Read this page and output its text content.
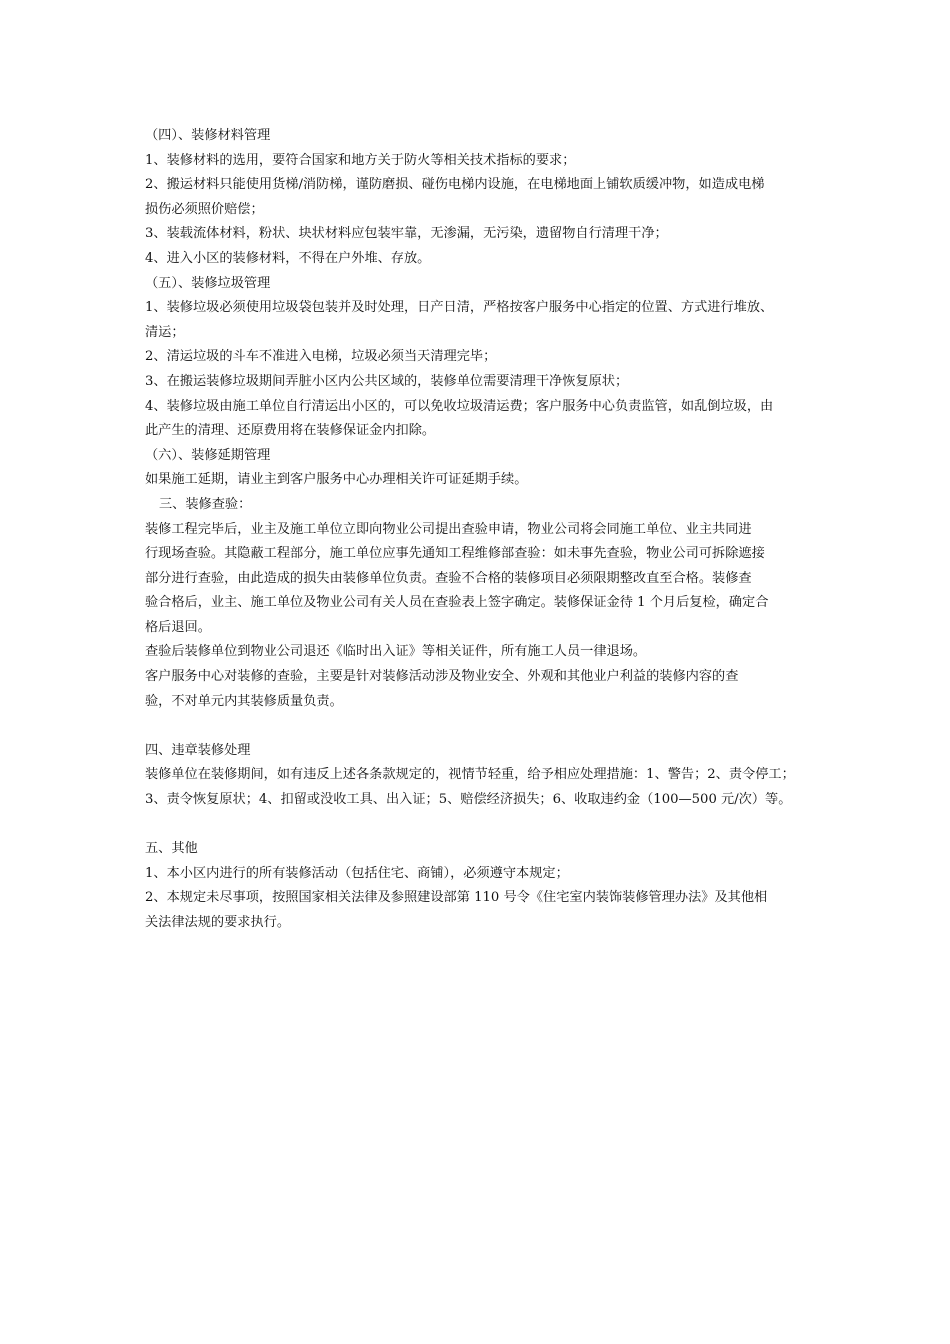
（四）、装修材料管理
1、装修材料的选用，要符合国家和地方关于防火等相关技术指标的要求；
2、搬运材料只能使用货梯/消防梯，谨防磨损、碰伤电梯内设施，在电梯地面上铺软质缓冲物，如造成电梯
损伤必须照价赔偿；
3、装载流体材料，粉状、块状材料应包装牢靠，无渗漏，无污染，遗留物自行清理干净；
4、进入小区的装修材料，不得在户外堆、存放。
（五）、装修垃圾管理
1、装修垃圾必须使用垃圾袋包装并及时处理，日产日清，严格按客户服务中心指定的位置、方式进行堆放、
清运；
2、清运垃圾的斗车不准进入电梯，垃圾必须当天清理完毕；
3、在搬运装修垃圾期间弄脏小区内公共区域的，装修单位需要清理干净恢复原状；
4、装修垃圾由施工单位自行清运出小区的，可以免收垃圾清运费；客户服务中心负责监管，如乱倒垃圾，由
此产生的清理、还原费用将在装修保证金内扣除。
（六）、装修延期管理
如果施工延期，请业主到客户服务中心办理相关许可证延期手续。
三、装修查验：
装修工程完毕后，业主及施工单位立即向物业公司提出查验申请，物业公司将会同施工单位、业主共同进
行现场查验。其隐蔽工程部分，施工单位应事先通知工程维修部查验：如未事先查验，物业公司可拆除遮接
部分进行查验，由此造成的损失由装修单位负责。查验不合格的装修项目必须限期整改直至合格。装修查
验合格后，业主、施工单位及物业公司有关人员在查验表上签字确定。装修保证金待 1 个月后复检，确定合
格后退回。
查验后装修单位到物业公司退还《临时出入证》等相关证件，所有施工人员一律退场。
客户服务中心对装修的查验，主要是针对装修活动涉及物业安全、外观和其他业户利益的装修内容的查
验，不对单元内其装修质量负责。
四、违章装修处理
装修单位在装修期间，如有违反上述各条款规定的，视情节轻重，给予相应处理措施：1、警告；2、责令停工；
3、责令恢复原状；4、扣留或没收工具、出入证；5、赔偿经济损失；6、收取违约金（100—500 元/次）等。
五、其他
1、本小区内进行的所有装修活动（包括住宅、商铺），必须遵守本规定；
2、本规定未尽事项，按照国家相关法律及参照建设部第 110 号令《住宅室内装饰装修管理办法》及其他相
关法律法规的要求执行。
